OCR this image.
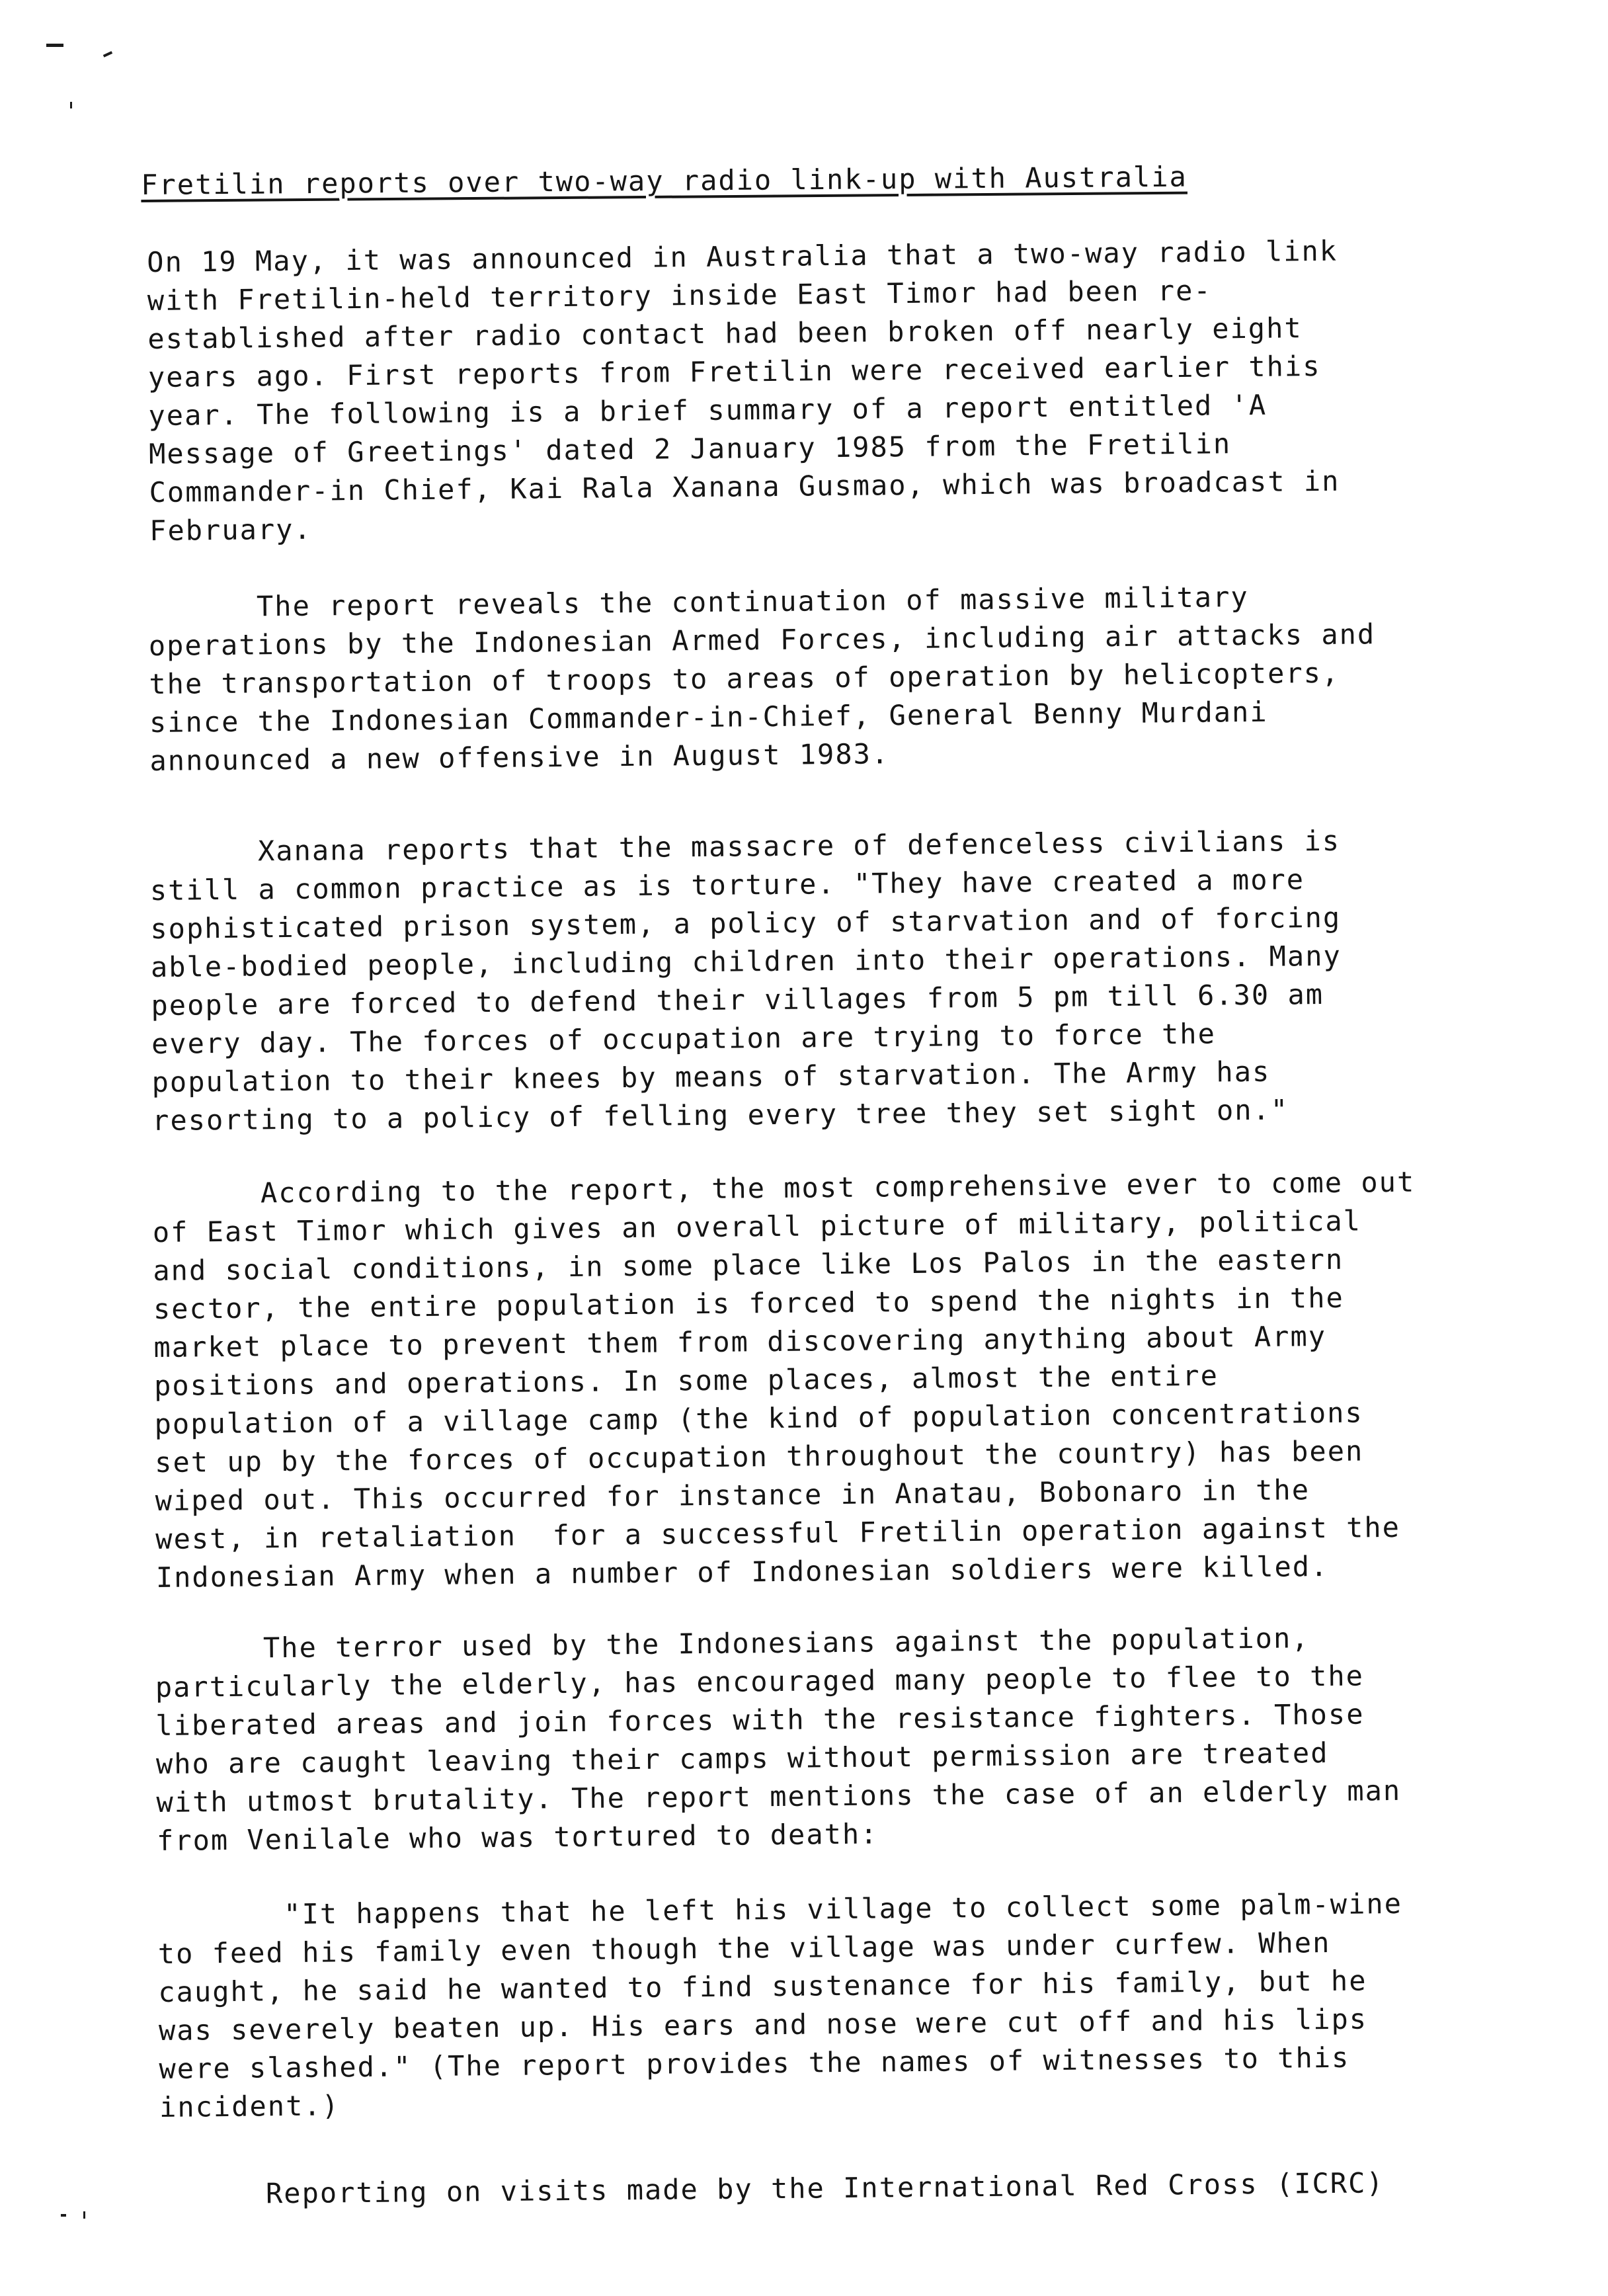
Fretilin_reports_over_two-way_radio_link-up_with_Australia
On 19 May, it was announced in Australia that a two-way radio link
with Fretilin-held territory inside East Timor had been re-
established after radio contact had been broken off nearly eight
years ago. First reports from Fretilin were received earlier this
year. The following is a brief summary of a report entitled 'A
Message of Greetings' dated 2 January 1985 from the Fretilin
Commander-in Chief, Kai Rala Xanana Gusmao, which was broadcast in
February.
The report reveals the continuation of massive military
operations by the Indonesian Armed Forces, including air attacks and
the transportation of troops to areas of operation by helicopters,
since the Indonesian Commander-in-Chief, General Benny Murdani
announced a new offensive in August 1983.
Xanana reports that the massacre of defenceless civilians is
still a common practice as is torture. "They have created a more
sophisticated prison system, a policy of starvation and of forcing
able-bodied people, including children into their operations. Many
people are forced to defend their villages from 5 pm till 6.30 am
every day. The forces of occupation are trying to force the
population to their knees by means of starvation. The Army has
resorting to a policy of felling every tree they set sight on."
According to the report, the most comprehensive ever to come out
of East Timor which gives an overall picture of military, political
and social conditions, in some place like Los Palos in the eastern
sector, the entire population is forced to spend the nights in the
market place to prevent them from discovering anything about Army
positions and operations. In some places, almost the entire
population of a village camp (the kind of population concentrations
set up by the forces of occupation throughout the country) has been
wiped out. This occurred for instance in Anatau, Bobonaro in the
west, in retaliation  for a successful Fretilin operation against the
Indonesian Army when a number of Indonesian soldiers were killed.
The terror used by the Indonesians against the population,
particularly the elderly, has encouraged many people to flee to the
liberated areas and join forces with the resistance fighters. Those
who are caught leaving their camps without permission are treated
with utmost brutality. The report mentions the case of an elderly man
from Venilale who was tortured to death:
"It happens that he left his village to collect some palm-wine
to feed his family even though the village was under curfew. When
caught, he said he wanted to find sustenance for his family, but he
was severely beaten up. His ears and nose were cut off and his lips
were slashed." (The report provides the names of witnesses to this
incident.)
Reporting on visits made by the International Red Cross (ICRC)
